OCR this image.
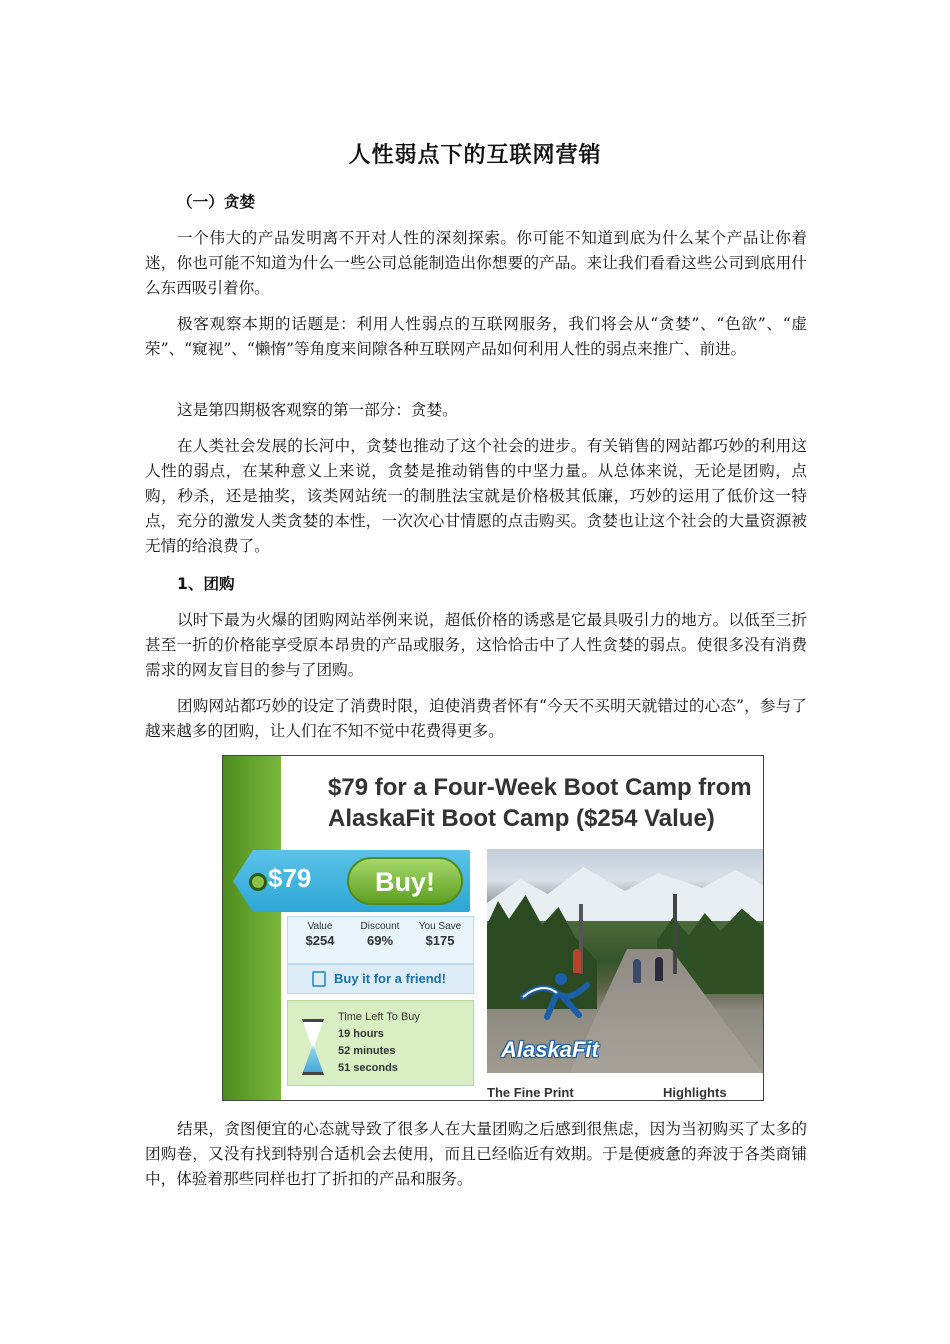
人性弱点下的互联网营销
（一）贪婪

一个伟大的产品发明离不开对人性的深刻探索。你可能不知道到底为什么某个产品让你着迷，你也可能不知道为什么一些公司总能制造出你想要的产品。来让我们看看这些公司到底用什么东西吸引着你。

极客观察本期的话题是：利用人性弱点的互联网服务，我们将会从“贪婪”、“色欲”、“虚荣”、“窥视”、“懒惰”等角度来间隙各种互联网产品如何利用人性的弱点来推广、前进。

这是第四期极客观察的第一部分：贪婪。

在人类社会发展的长河中，贪婪也推动了这个社会的进步。有关销售的网站都巧妙的利用这人性的弱点，在某种意义上来说，贪婪是推动销售的中坚力量。从总体来说，无论是团购，点购，秒杀，还是抽奖，该类网站统一的制胜法宝就是价格极其低廉，巧妙的运用了低价这一特点，充分的激发人类贪婪的本性，一次次心甘情愿的点击购买。贪婪也让这个社会的大量资源被无情的给浪费了。

1、团购

以时下最为火爆的团购网站举例来说，超低价格的诱惑是它最具吸引力的地方。以低至三折甚至一折的价格能享受原本昂贵的产品或服务，这恰恰击中了人性贪婪的弱点。使很多没有消费需求的网友盲目的参与了团购。

团购网站都巧妙的设定了消费时限，迫使消费者怀有“今天不买明天就错过的心态”，参与了越来越多的团购，让人们在不知不觉中花费得更多。

$79 for a Four-Week Boot Camp from AlaskaFit Boot Camp ($254 Value)
$79	Buy!
Value
$254
Discount
69%
You Save
$175
Buy it for a friend!
Time Left To Buy
19 hours
52 minutes
51 seconds
AlaskaFit
The Fine Print	Highlights

结果，贪图便宜的心态就导致了很多人在大量团购之后感到很焦虑，因为当初购买了太多的团购卷，又没有找到特别合适机会去使用，而且已经临近有效期。于是便疲惫的奔波于各类商铺中，体验着那些同样也打了折扣的产品和服务。
